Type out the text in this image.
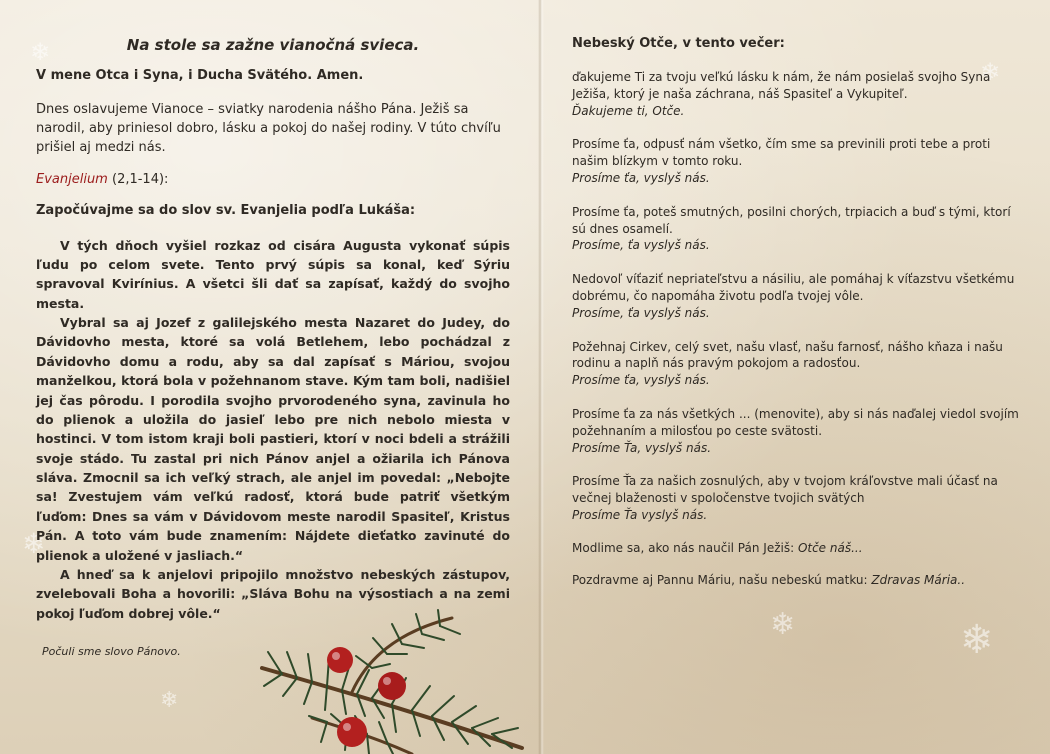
❄
❄
❄
❄
❄
❄

Na stole sa zažne vianočná svieca.

V mene Otca i Syna, i Ducha Svätého. Amen.

Dnes oslavujeme Vianoce – sviatky narodenia nášho Pána. Ježiš sa narodil, aby priniesol dobro, lásku a pokoj do našej rodiny. V túto chvíľu prišiel aj medzi nás.

Evanjelium (2,1-14):

Započúvajme sa do slov sv. Evanjelia podľa Lukáša:

V tých dňoch vyšiel rozkaz od cisára Augusta vykonať súpis ľudu po celom svete. Tento prvý súpis sa konal, keď Sýriu spravoval Kvirínius. A všetci šli dať sa zapísať, každý do svojho mesta.

Vybral sa aj Jozef z galilejského mesta Nazaret do Judey, do Dávidovho mesta, ktoré sa volá Betlehem, lebo pochádzal z Dávidovho domu a rodu, aby sa dal zapísať s Máriou, svojou manželkou, ktorá bola v požehnanom stave. Kým tam boli, nadišiel jej čas pôrodu. I porodila svojho prvorodeného syna, zavinula ho do plienok a uložila do jasieľ lebo pre nich nebolo miesta v hostinci. V tom istom kraji boli pastieri, ktorí v noci bdeli a strážili svoje stádo. Tu zastal pri nich Pánov anjel a ožiarila ich Pánova sláva. Zmocnil sa ich veľký strach, ale anjel im povedal: „Nebojte sa! Zvestujem vám veľkú radosť, ktorá bude patriť všetkým ľuďom: Dnes sa vám v Dávidovom meste narodil Spasiteľ, Kristus Pán. A toto vám bude znamením: Nájdete dieťatko zavinuté do plienok a uložené v jasliach.“

A hneď sa k anjelovi pripojilo množstvo nebeských zástupov, zvelebovali Boha a hovorili: „Sláva Bohu na výsostiach a na zemi pokoj ľuďom dobrej vôle.“

Počuli sme slovo Pánovo.

Nebeský Otče, v tento večer:

ďakujeme Ti za tvoju veľkú lásku k nám, že nám posielaš svojho Syna Ježiša, ktorý je naša záchrana, náš Spasiteľ a Vykupiteľ.
Ďakujeme ti, Otče.

Prosíme ťa, odpusť nám všetko, čím sme sa previnili proti tebe a proti našim blízkym v tomto roku.
Prosíme ťa, vyslyš nás.

Prosíme ťa, poteš smutných, posilni chorých, trpiacich a buď s tými, ktorí sú dnes osamelí.
Prosíme, ťa vyslyš nás.

Nedovoľ víťaziť nepriateľstvu a násiliu, ale pomáhaj k víťazstvu všetkému dobrému, čo napomáha životu podľa tvojej vôle.
Prosíme, ťa vyslyš nás.

Požehnaj Cirkev, celý svet, našu vlasť, našu farnosť, nášho kňaza i našu rodinu a naplň nás pravým pokojom a radosťou.
Prosíme ťa, vyslyš nás.

Prosíme ťa za nás všetkých ... (menovite), aby si nás naďalej viedol svojím požehnaním a milosťou po ceste svätosti.
Prosíme Ťa, vyslyš nás.

Prosíme Ťa za našich zosnulých, aby v tvojom kráľovstve mali účasť na večnej blaženosti v spoločenstve tvojich svätých
Prosíme Ťa vyslyš nás.

Modlime sa, ako nás naučil Pán Ježiš: Otče náš...

Pozdravme aj Pannu Máriu, našu nebeskú matku: Zdravas Mária..
